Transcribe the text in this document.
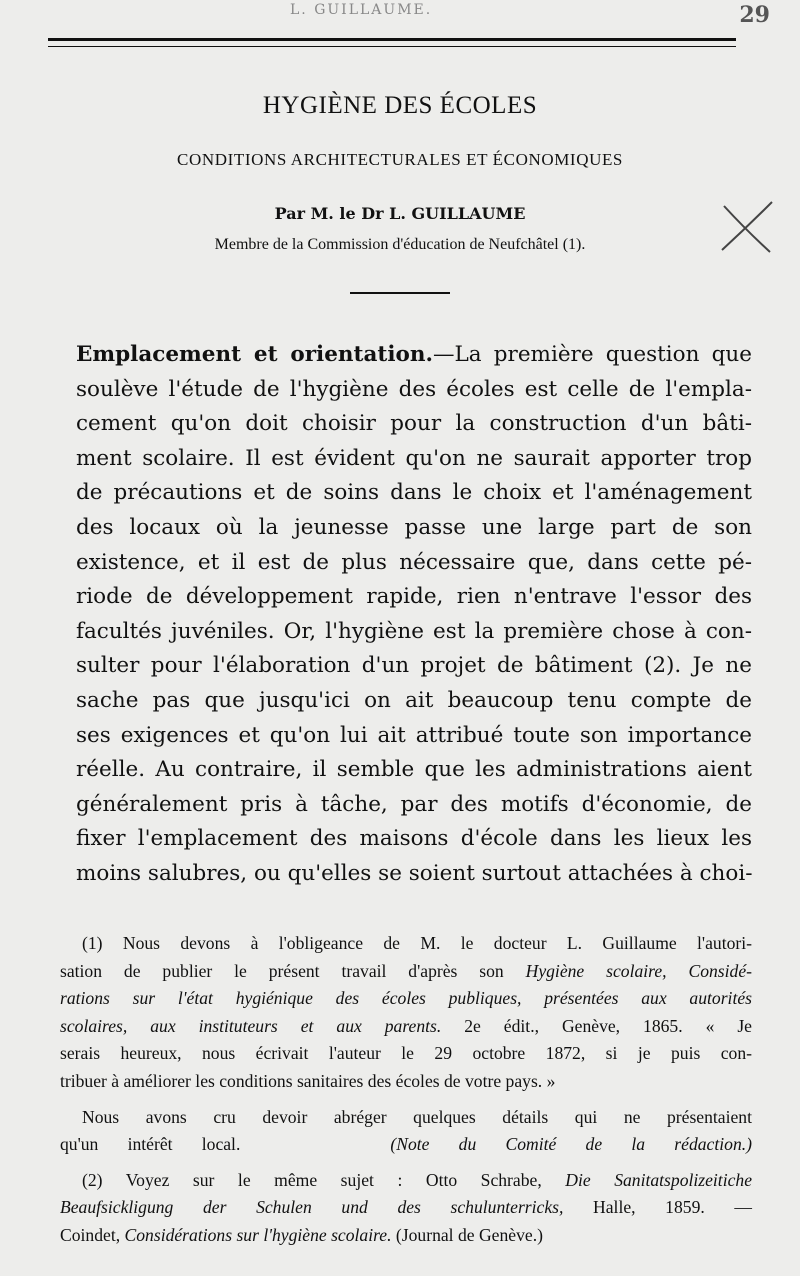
L. GUILLAUME.	29
HYGIÈNE DES ÉCOLES
CONDITIONS ARCHITECTURALES ET ÉCONOMIQUES
Par M. le Dr L. GUILLAUME
Membre de la Commission d'éducation de Neufchâtel (1).
Emplacement et orientation.—La première question que
soulève l'étude de l'hygiène des écoles est celle de l'empla-
cement qu'on doit choisir pour la construction d'un bâti-
ment scolaire. Il est évident qu'on ne saurait apporter trop
de précautions et de soins dans le choix et l'aménagement
des locaux où la jeunesse passe une large part de son
existence, et il est de plus nécessaire que, dans cette pé-
riode de développement rapide, rien n'entrave l'essor des
facultés juvéniles. Or, l'hygiène est la première chose à con-
sulter pour l'élaboration d'un projet de bâtiment (2). Je ne
sache pas que jusqu'ici on ait beaucoup tenu compte de
ses exigences et qu'on lui ait attribué toute son importance
réelle. Au contraire, il semble que les administrations aient
généralement pris à tâche, par des motifs d'économie, de
fixer l'emplacement des maisons d'école dans les lieux les
moins salubres, ou qu'elles se soient surtout attachées à choi-
(1) Nous devons à l'obligeance de M. le docteur L. Guillaume l'autori-
sation de publier le présent travail d'après son Hygiène scolaire, Considé-
rations sur l'état hygiénique des écoles publiques, présentées aux autorités
scolaires, aux instituteurs et aux parents. 2e édit., Genève, 1865. « Je
serais heureux, nous écrivait l'auteur le 29 octobre 1872, si je puis con-
tribuer à améliorer les conditions sanitaires des écoles de votre pays. »
Nous avons cru devoir abréger quelques détails qui ne présentaient
qu'un intérêt local.	(Note du Comité de la rédaction.)
(2) Voyez sur le même sujet : Otto Schrabe, Die Sanitatspolizeitiche
Beaufsickligung der Schulen und des schulunterricks, Halle, 1859. —
Coindet, Considérations sur l'hygiène scolaire. (Journal de Genève.)
